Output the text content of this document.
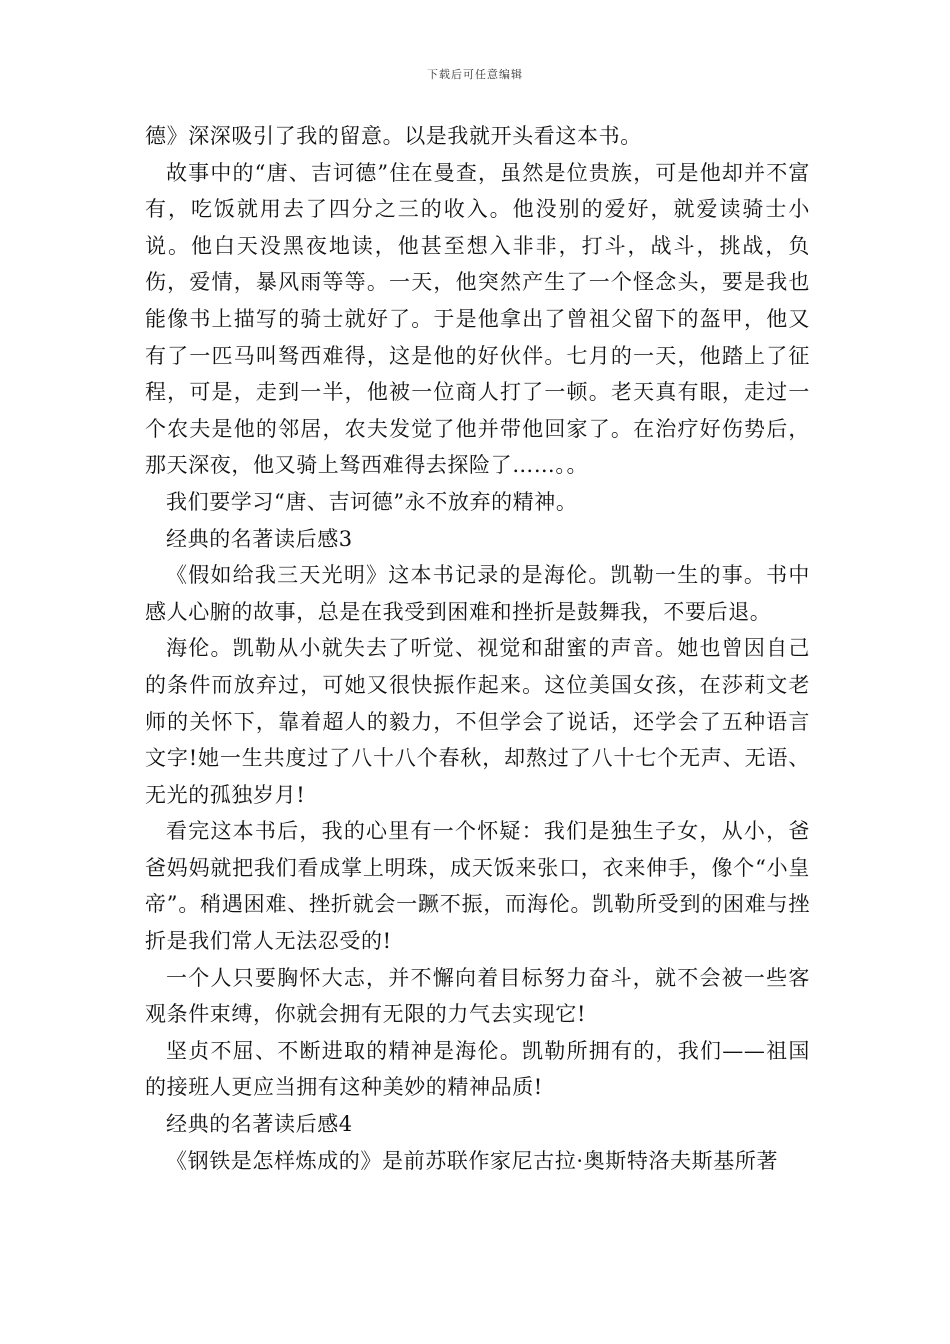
下载后可任意编辑

德》深深吸引了我的留意。以是我就开头看这本书。

故事中的“唐、吉诃德”住在曼查，虽然是位贵族，可是他却并不富有，吃饭就用去了四分之三的收入。他没别的爱好，就爱读骑士小说。他白天没黑夜地读，他甚至想入非非，打斗，战斗，挑战，负伤，爱情，暴风雨等等。一天，他突然产生了一个怪念头，要是我也能像书上描写的骑士就好了。于是他拿出了曾祖父留下的盔甲，他又有了一匹马叫驽西难得，这是他的好伙伴。七月的一天，他踏上了征程，可是，走到一半，他被一位商人打了一顿。老天真有眼，走过一个农夫是他的邻居，农夫发觉了他并带他回家了。在治疗好伤势后，那天深夜，他又骑上驽西难得去探险了……。。

我们要学习“唐、吉诃德”永不放弃的精神。

经典的名著读后感3

《假如给我三天光明》这本书记录的是海伦。凯勒一生的事。书中感人心腑的故事，总是在我受到困难和挫折是鼓舞我，不要后退。

海伦。凯勒从小就失去了听觉、视觉和甜蜜的声音。她也曾因自己的条件而放弃过，可她又很快振作起来。这位美国女孩，在莎莉文老师的关怀下，靠着超人的毅力，不但学会了说话，还学会了五种语言文字!她一生共度过了八十八个春秋，却熬过了八十七个无声、无语、无光的孤独岁月!

看完这本书后，我的心里有一个怀疑：我们是独生子女，从小，爸爸妈妈就把我们看成掌上明珠，成天饭来张口，衣来伸手，像个“小皇帝”。稍遇困难、挫折就会一蹶不振，而海伦。凯勒所受到的困难与挫折是我们常人无法忍受的!

一个人只要胸怀大志，并不懈向着目标努力奋斗，就不会被一些客观条件束缚，你就会拥有无限的力气去实现它!

坚贞不屈、不断进取的精神是海伦。凯勒所拥有的，我们——祖国的接班人更应当拥有这种美妙的精神品质!

经典的名著读后感4

《钢铁是怎样炼成的》是前苏联作家尼古拉·奥斯特洛夫斯基所著
